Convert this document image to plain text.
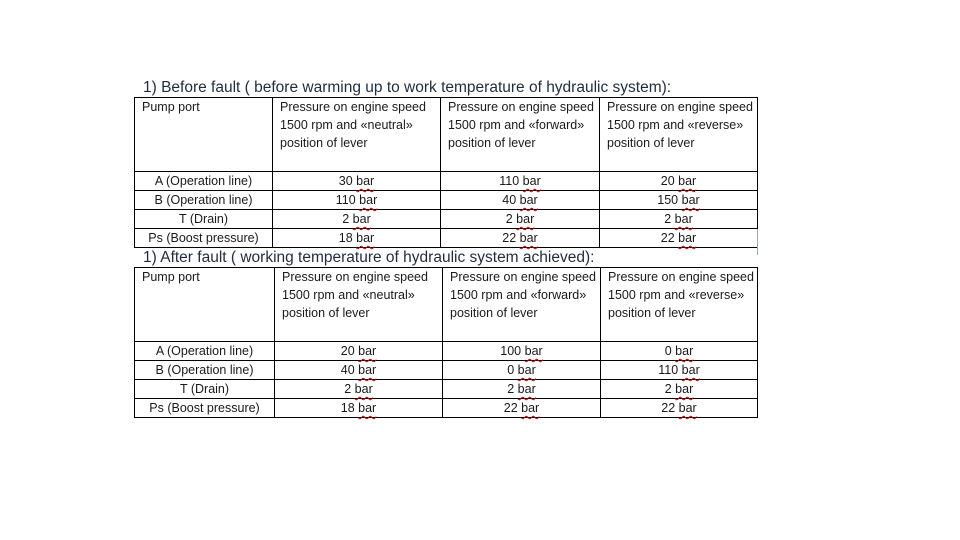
1) Before fault ( before warming up to work temperature of hydraulic system):
Pump port	Pressure on engine speed 1500 rpm and «neutral» position of lever	Pressure on engine speed 1500 rpm and «forward» position of lever	Pressure on engine speed 1500 rpm and «reverse» position of lever
A (Operation line)	30 bar	110 bar	20 bar
B (Operation line)	110 bar	40 bar	150 bar
T (Drain)	2 bar	2 bar	2 bar
Ps (Boost pressure)	18 bar	22 bar	22 bar
1) After fault ( working temperature of hydraulic system achieved):
Pump port	Pressure on engine speed 1500 rpm and «neutral» position of lever	Pressure on engine speed 1500 rpm and «forward» position of lever	Pressure on engine speed 1500 rpm and «reverse» position of lever
A (Operation line)	20 bar	100 bar	0 bar
B (Operation line)	40 bar	0 bar	110 bar
T (Drain)	2 bar	2 bar	2 bar
Ps (Boost pressure)	18 bar	22 bar	22 bar
